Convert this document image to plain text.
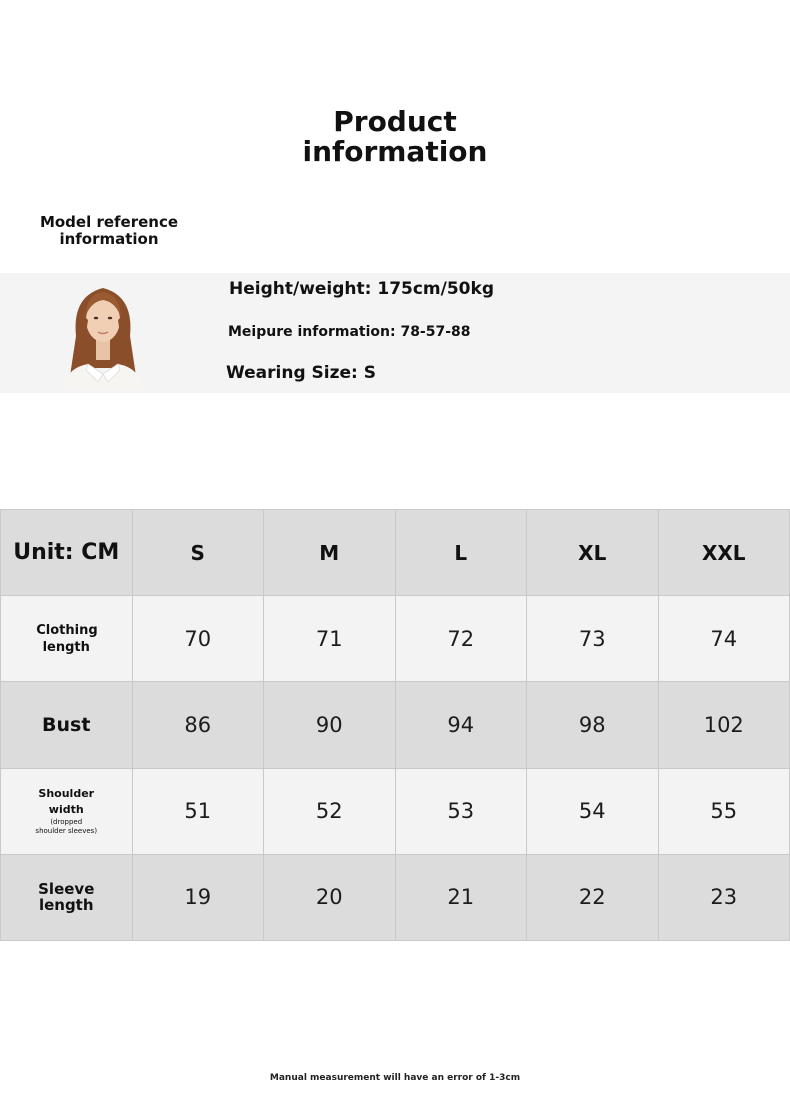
Product
information
Model reference
information
Height/weight: 175cm/50kg
Meipure information: 78-57-88
Wearing Size: S
Unit: CM	S	M	L	XL	XXL
Clothing length	70	71	72	73	74
Bust	86	90	94	98	102
Shoulder width
(dropped shoulder sleeves)	51	52	53	54	55
Sleeve length	19	20	21	22	23
Manual measurement will have an error of 1-3cm
